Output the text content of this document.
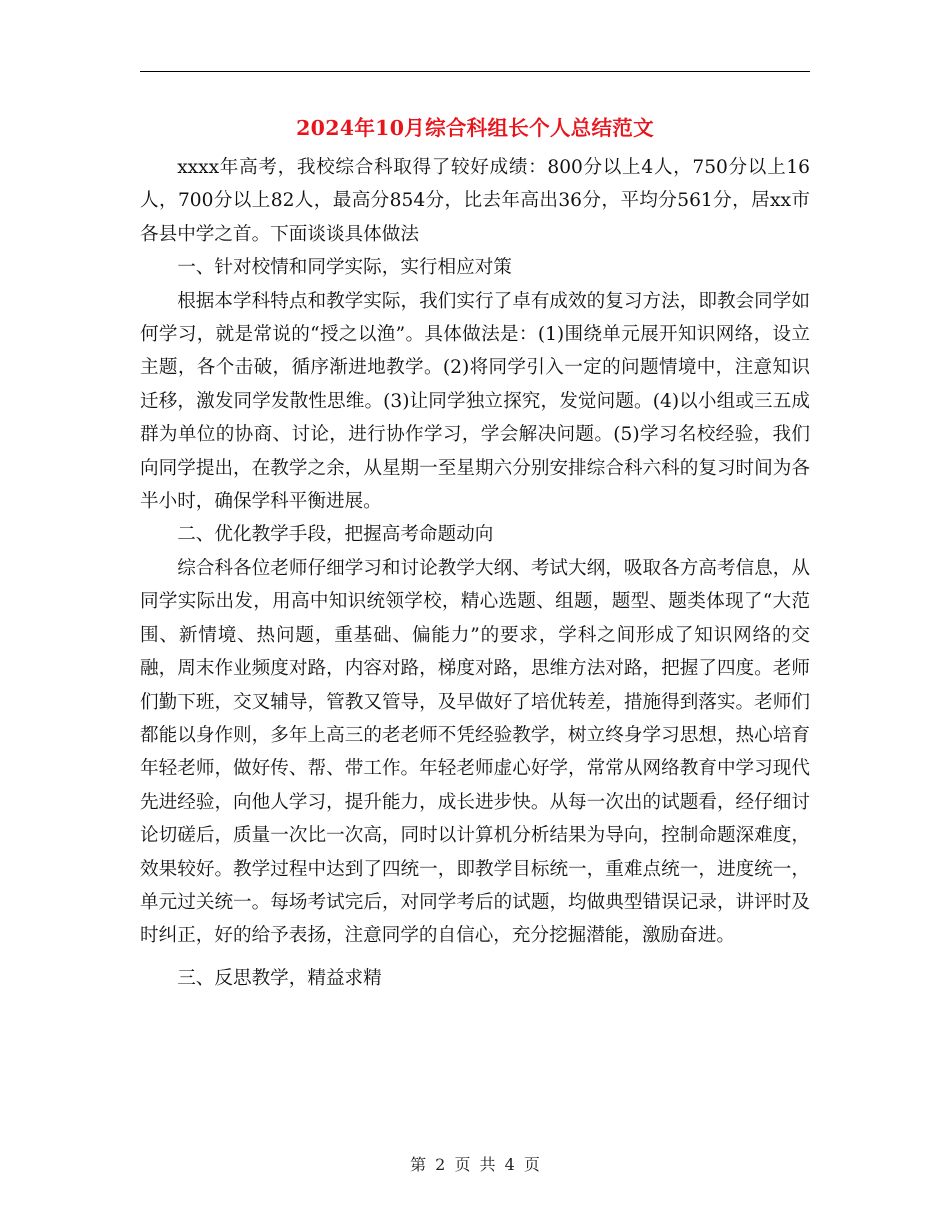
2024年10月综合科组长个人总结范文

xxxx年高考，我校综合科取得了较好成绩：800分以上4人，750分以上16人，700分以上82人，最高分854分，比去年高出36分，平均分561分，居xx市各县中学之首。下面谈谈具体做法

一、针对校情和同学实际，实行相应对策

根据本学科特点和教学实际，我们实行了卓有成效的复习方法，即教会同学如何学习，就是常说的“授之以渔”。具体做法是：(1)围绕单元展开知识网络，设立主题，各个击破，循序渐进地教学。(2)将同学引入一定的问题情境中，注意知识迁移，激发同学发散性思维。(3)让同学独立探究，发觉问题。(4)以小组或三五成群为单位的协商、讨论，进行协作学习，学会解决问题。(5)学习名校经验，我们向同学提出，在教学之余，从星期一至星期六分别安排综合科六科的复习时间为各半小时，确保学科平衡进展。

二、优化教学手段，把握高考命题动向

综合科各位老师仔细学习和讨论教学大纲、考试大纲，吸取各方高考信息，从同学实际出发，用高中知识统领学校，精心选题、组题，题型、题类体现了“大范围、新情境、热问题，重基础、偏能力”的要求，学科之间形成了知识网络的交融，周末作业频度对路，内容对路，梯度对路，思维方法对路，把握了四度。老师们勤下班，交叉辅导，管教又管导，及早做好了培优转差，措施得到落实。老师们都能以身作则，多年上高三的老老师不凭经验教学，树立终身学习思想，热心培育年轻老师，做好传、帮、带工作。年轻老师虚心好学，常常从网络教育中学习现代先进经验，向他人学习，提升能力，成长进步快。从每一次出的试题看，经仔细讨论切磋后，质量一次比一次高，同时以计算机分析结果为导向，控制命题深难度，效果较好。教学过程中达到了四统一，即教学目标统一，重难点统一，进度统一，单元过关统一。每场考试完后，对同学考后的试题，均做典型错误记录，讲评时及时纠正，好的给予表扬，注意同学的自信心，充分挖掘潜能，激励奋进。

三、反思教学，精益求精

第 2 页 共 4 页
